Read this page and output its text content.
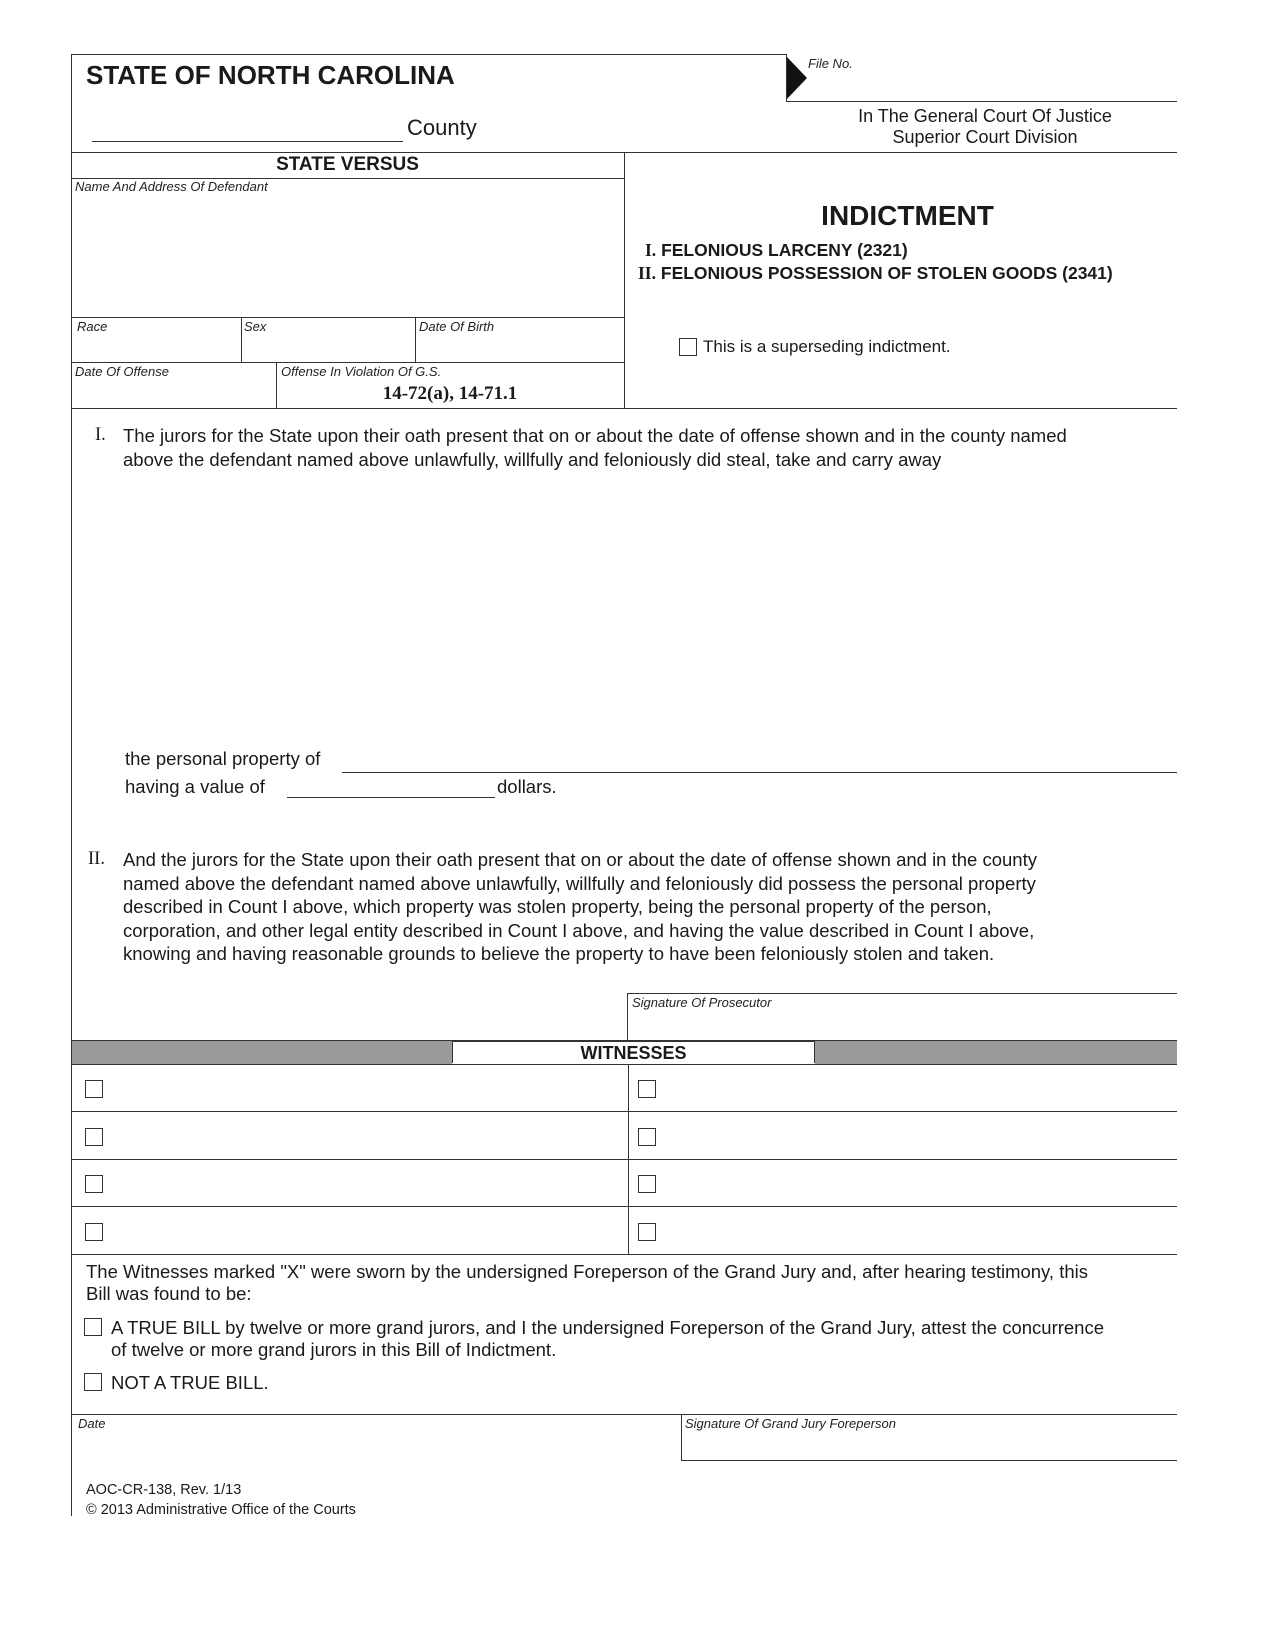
STATE OF NORTH CAROLINA
County
File No.
In The General Court Of Justice
Superior Court Division
STATE VERSUS
Name And Address Of Defendant
Race	Sex	Date Of Birth
Date Of Offense	Offense In Violation Of G.S.
14-72(a), 14-71.1
INDICTMENT
I. FELONIOUS LARCENY (2321)
II. FELONIOUS POSSESSION OF STOLEN GOODS (2341)
This is a superseding indictment.
I. The jurors for the State upon their oath present that on or about the date of offense shown and in the county named
above the defendant named above unlawfully, willfully and feloniously did steal, take and carry away
the personal property of
having a value of	dollars.
II. And the jurors for the State upon their oath present that on or about the date of offense shown and in the county
named above the defendant named above unlawfully, willfully and feloniously did possess the personal property
described in Count I above, which property was stolen property, being the personal property of the person,
corporation, and other legal entity described in Count I above, and having the value described in Count I above,
knowing and having reasonable grounds to believe the property to have been feloniously stolen and taken.
Signature Of Prosecutor
WITNESSES
The Witnesses marked "X" were sworn by the undersigned Foreperson of the Grand Jury and, after hearing testimony, this
Bill was found to be:
A TRUE BILL by twelve or more grand jurors, and I the undersigned Foreperson of the Grand Jury, attest the concurrence
of twelve or more grand jurors in this Bill of Indictment.
NOT A TRUE BILL.
Date	Signature Of Grand Jury Foreperson
AOC-CR-138, Rev. 1/13
© 2013 Administrative Office of the Courts
